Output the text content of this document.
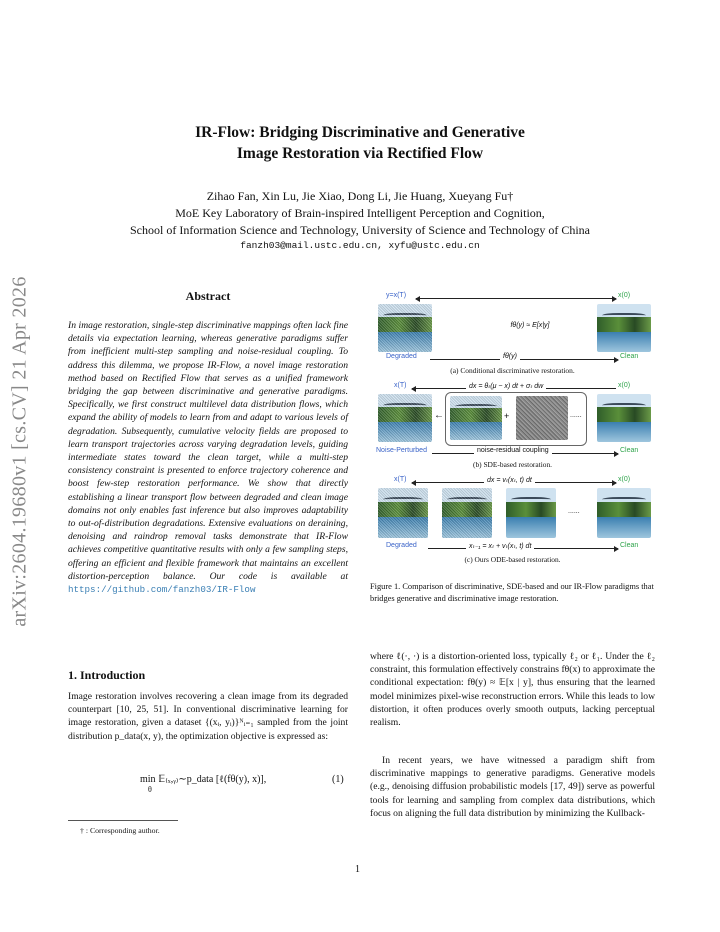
IR-Flow: Bridging Discriminative and Generative
Image Restoration via Rectified Flow
Zihao Fan, Xin Lu, Jie Xiao, Dong Li, Jie Huang, Xueyang Fu†
MoE Key Laboratory of Brain-inspired Intelligent Perception and Cognition,
School of Information Science and Technology, University of Science and Technology of China
fanzh03@mail.ustc.edu.cn, xyfu@ustc.edu.cn
arXiv:2604.19680v1 [cs.CV] 21 Apr 2026	Abstract
In image restoration, single-step discriminative mappings often lack fine details via expectation learning, whereas generative paradigms suffer from inefficient multi-step sampling and noise-residual coupling. To address this dilemma, we propose IR-Flow, a novel image restoration method based on Rectified Flow that serves as a unified framework bridging the gap between discriminative and generative paradigms. Specifically, we first construct multilevel data distribution flows, which expand the ability of models to learn from and adapt to various levels of degradation. Subsequently, cumulative velocity fields are proposed to learn transport trajectories across varying degradation levels, guiding intermediate states toward the clean target, while a multi-step consistency constraint is presented to enforce trajectory coherence and boost few-step restoration performance. We show that directly establishing a linear transport flow between degraded and clean image domains not only enables fast inference but also improves adaptability to out-of-distribution degradations. Extensive evaluations on deraining, denoising and raindrop removal tasks demonstrate that IR-Flow achieves competitive quantitative results with only a few sampling steps, offering an efficient and flexible framework that maintains an excellent distortion-perception balance. Our code is available at https://github.com/fanzh03/IR-Flow
1. Introduction
Image restoration involves recovering a clean image from its degraded counterpart [10, 25, 51]. In conventional discriminative learning for image restoration, given a dataset {(xᵢ, yᵢ)}ᴺᵢ₌₁ sampled from the joint distribution p_data(x, y), the optimization objective is expressed as:
min 𝔼₍ₓ,ᵧ₎∼p_data [ℓ(fθ(y), x)],
θ
(1)
† : Corresponding author.
y=x(T)	x(0)
fθ(y) ≈ E[x|y]
Degraded	fθ(y)	Clean
(a) Conditional discriminative restoration.
x(T)	dx = θₜ(μ − x) dt + σₜ dw	x(0)
←	+	......
Noise-Perturbed	noise-residual coupling	Clean
(b) SDE-based restoration.
x(T)	dx = vₜ(xₜ, t) dt	x(0)
......
Degraded	xₜ₋₁ = xₜ + vₜ(xₜ, t) dt	Clean
(c) Ours ODE-based restoration.
Figure 1. Comparison of discriminative, SDE-based and our IR-Flow paradigms that bridges generative and discriminative image restoration.
where ℓ(·, ·) is a distortion-oriented loss, typically ℓ₂ or ℓ₁. Under the ℓ₂ constraint, this formulation effectively constrains fθ(x) to approximate the conditional expectation: fθ(y) ≈ 𝔼[x | y], thus ensuring that the learned model minimizes pixel-wise reconstruction errors. While this leads to low distortion, it often produces overly smooth outputs, lacking perceptual realism.
In recent years, we have witnessed a paradigm shift from discriminative mappings to generative paradigms. Generative models (e.g., denoising diffusion probabilistic models [17, 49]) serve as powerful tools for learning and sampling from complex data distributions, which focus on aligning the full data distribution by minimizing the Kullback-
1
